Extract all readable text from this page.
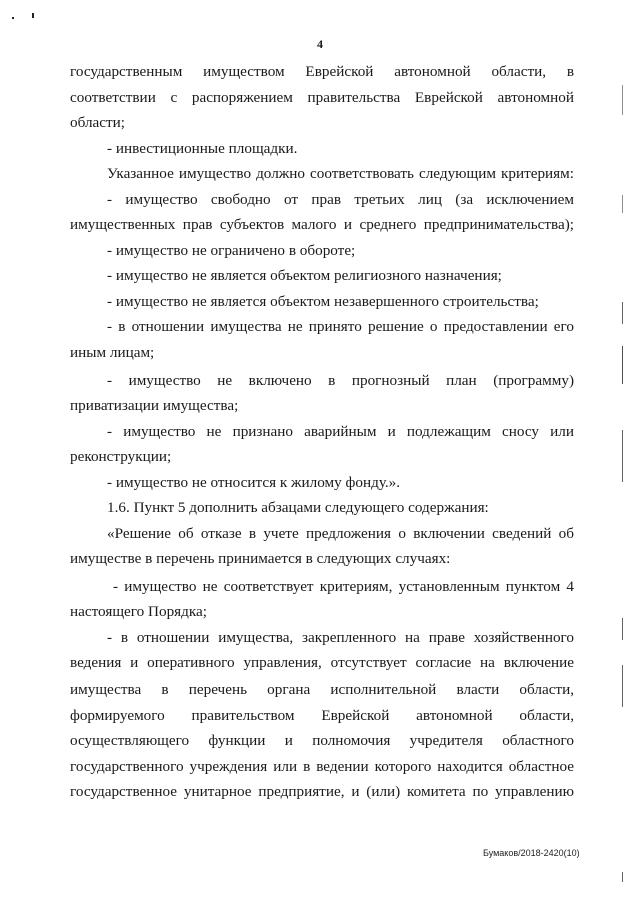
4
государственным имуществом Еврейской автономной области, в
соответствии с распоряжением правительства Еврейской автономной
области;
- инвестиционные площадки.
Указанное имущество должно соответствовать следующим критериям:
- имущество свободно от прав третьих лиц (за исключением
имущественных прав субъектов малого и среднего предпринимательства);
- имущество не ограничено в обороте;
- имущество не является объектом религиозного назначения;
- имущество не является объектом незавершенного строительства;
- в отношении имущества не принято решение о предоставлении его
иным лицам;
- имущество не включено в прогнозный план (программу)
приватизации имущества;
- имущество не признано аварийным и подлежащим сносу или
реконструкции;
- имущество не относится к жилому фонду.».
1.6. Пункт 5 дополнить абзацами следующего содержания:
«Решение об отказе в учете предложения о включении сведений об
имуществе в перечень принимается в следующих случаях:
- имущество не соответствует критериям, установленным пунктом 4
настоящего Порядка;
- в отношении имущества, закрепленного на праве хозяйственного
ведения и оперативного управления, отсутствует согласие на включение
имущества в перечень органа исполнительной власти области,
формируемого правительством Еврейской автономной области,
осуществляющего функции и полномочия учредителя областного
государственного учреждения или в ведении которого находится областное
государственное унитарное предприятие, и (или) комитета по управлению
Бумаков/2018-2420(10)
